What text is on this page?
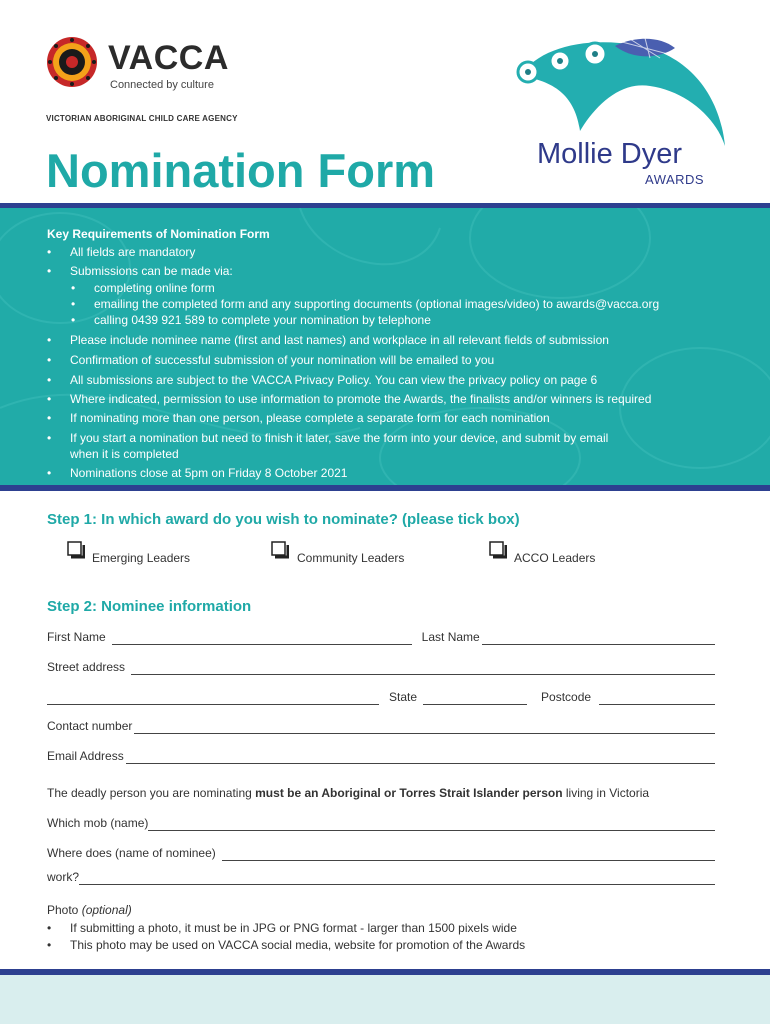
VACCA
Connected by culture
VICTORIAN ABORIGINAL CHILD CARE AGENCY
Nomination Form	Mollie Dyer
AWARDS
Key Requirements of Nomination Form
• All fields are mandatory
• Submissions can be made via:
• completing online form
• emailing the completed form and any supporting documents (optional images/video) to awards@vacca.org
• calling 0439 921 589 to complete your nomination by telephone
• Please include nominee name (first and last names) and workplace in all relevant fields of submission
• Confirmation of successful submission of your nomination will be emailed to you
• All submissions are subject to the VACCA Privacy Policy. You can view the privacy policy on page 6
• Where indicated, permission to use information to promote the Awards, the finalists and/or winners is required
• If nominating more than one person, please complete a separate form for each nomination
• If you start a nomination but need to finish it later, save the form into your device, and submit by email
when it is completed
• Nominations close at 5pm on Friday 8 October 2021
Step 1: In which award do you wish to nominate? (please tick box)
Emerging Leaders	Community Leaders	ACCO Leaders
Step 2: Nominee information
First Name	Last Name
Street address
State	Postcode
Contact number
Email Address
The deadly person you are nominating must be an Aboriginal or Torres Strait Islander person living in Victoria
Which mob (name)
Where does (name of nominee)
work?
Photo (optional)
• If submitting a photo, it must be in JPG or PNG format - larger than 1500 pixels wide
• This photo may be used on VACCA social media, website for promotion of the Awards
